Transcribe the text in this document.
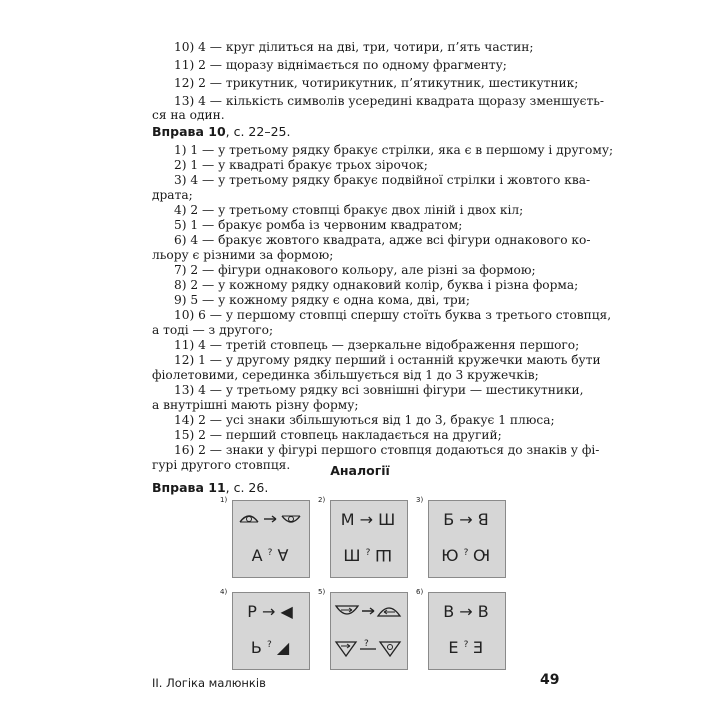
10) 4 — круг ділиться на дві, три, чотири, п’ять частин;
11) 2 — щоразу віднімається по одному фрагменту;
12) 2 — трикутник, чотирикутник, п’ятикутник, шестикутник;
13) 4 — кількість символів усередині квадрата щоразу зменшуєть-
ся на один.
Вправа 10, с. 22–25.
1) 1 — у третьому рядку бракує стрілки, яка є в першому і другому;
2) 1 — у квадраті бракує трьох зірочок;
3) 4 — у третьому рядку бракує подвійної стрілки і жовтого ква-
драта;
4) 2 — у третьому стовпці бракує двох ліній і двох кіл;
5) 1 — бракує ромба із червоним квадратом;
6) 4 — бракує жовтого квадрата, адже всі фігури однакового ко-
льору є різними за формою;
7) 2 — фігури однакового кольору, але різні за формою;
8) 2 — у кожному рядку однаковий колір, буква і різна форма;
9) 5 — у кожному рядку є одна кома, дві, три;
10) 6 — у першому стовпці спершу стоїть буква з третього стовпця,
а тоді — з другого;
11) 4 — третій стовпець — дзеркальне відображення першого;
12) 1 — у другому рядку перший і останній кружечки мають бути
фіолетовими, серединка збільшується від 1 до 3 кружечків;
13) 4 — у третьому рядку всі зовнішні фігури — шестикутники,
а внутрішні мають різну форму;
14) 2 — усі знаки збільшуються від 1 до 3, бракує 1 плюса;
15) 2 — перший стовпець накладається на другий;
16) 2 — знаки у фігурі першого стовпця додаються до знаків у фі-
гурі другого стовпця.	Аналогії
Вправа 11, с. 26.
1)
А ? ∀
2)
М → Ш
Ш ? Ш
3)
Б → ꓭ
Ю ? Ю
4)
Р → ◀
Ь ? ◢
5)
?
6)
В → В
Е ? Е
II. Логіка малюнків	49
